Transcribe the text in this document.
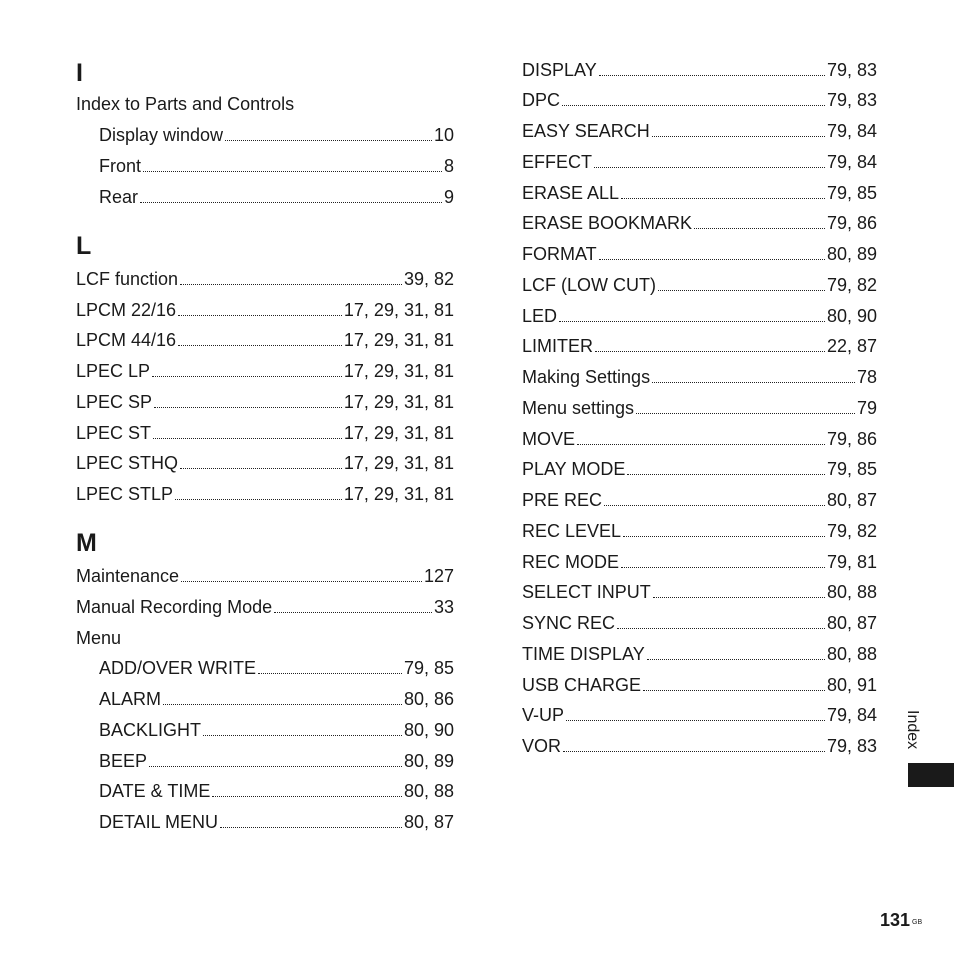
I
Index to Parts and Controls
Display window	10
Front	8
Rear	9
L
LCF function	39, 82
LPCM 22/16	17, 29, 31, 81
LPCM 44/16	17, 29, 31, 81
LPEC LP	17, 29, 31, 81
LPEC SP	17, 29, 31, 81
LPEC ST	17, 29, 31, 81
LPEC STHQ	17, 29, 31, 81
LPEC STLP	17, 29, 31, 81
M
Maintenance	127
Manual Recording Mode	33
Menu
ADD/OVER WRITE	79, 85
ALARM	80, 86
BACKLIGHT	80, 90
BEEP	80, 89
DATE & TIME	80, 88
DETAIL MENU	80, 87
DISPLAY	79, 83
DPC	79, 83
EASY SEARCH	79, 84
EFFECT	79, 84
ERASE ALL	79, 85
ERASE BOOKMARK	79, 86
FORMAT	80, 89
LCF (LOW CUT)	79, 82
LED	80, 90
LIMITER	22, 87
Making Settings	78
Menu settings	79
MOVE	79, 86
PLAY MODE	79, 85
PRE REC	80, 87
REC LEVEL	79, 82
REC MODE	79, 81
SELECT INPUT	80, 88
SYNC REC	80, 87
TIME DISPLAY	80, 88
USB CHARGE	80, 91
V-UP	79, 84
VOR	79, 83 Index
131 $^{GB}$
